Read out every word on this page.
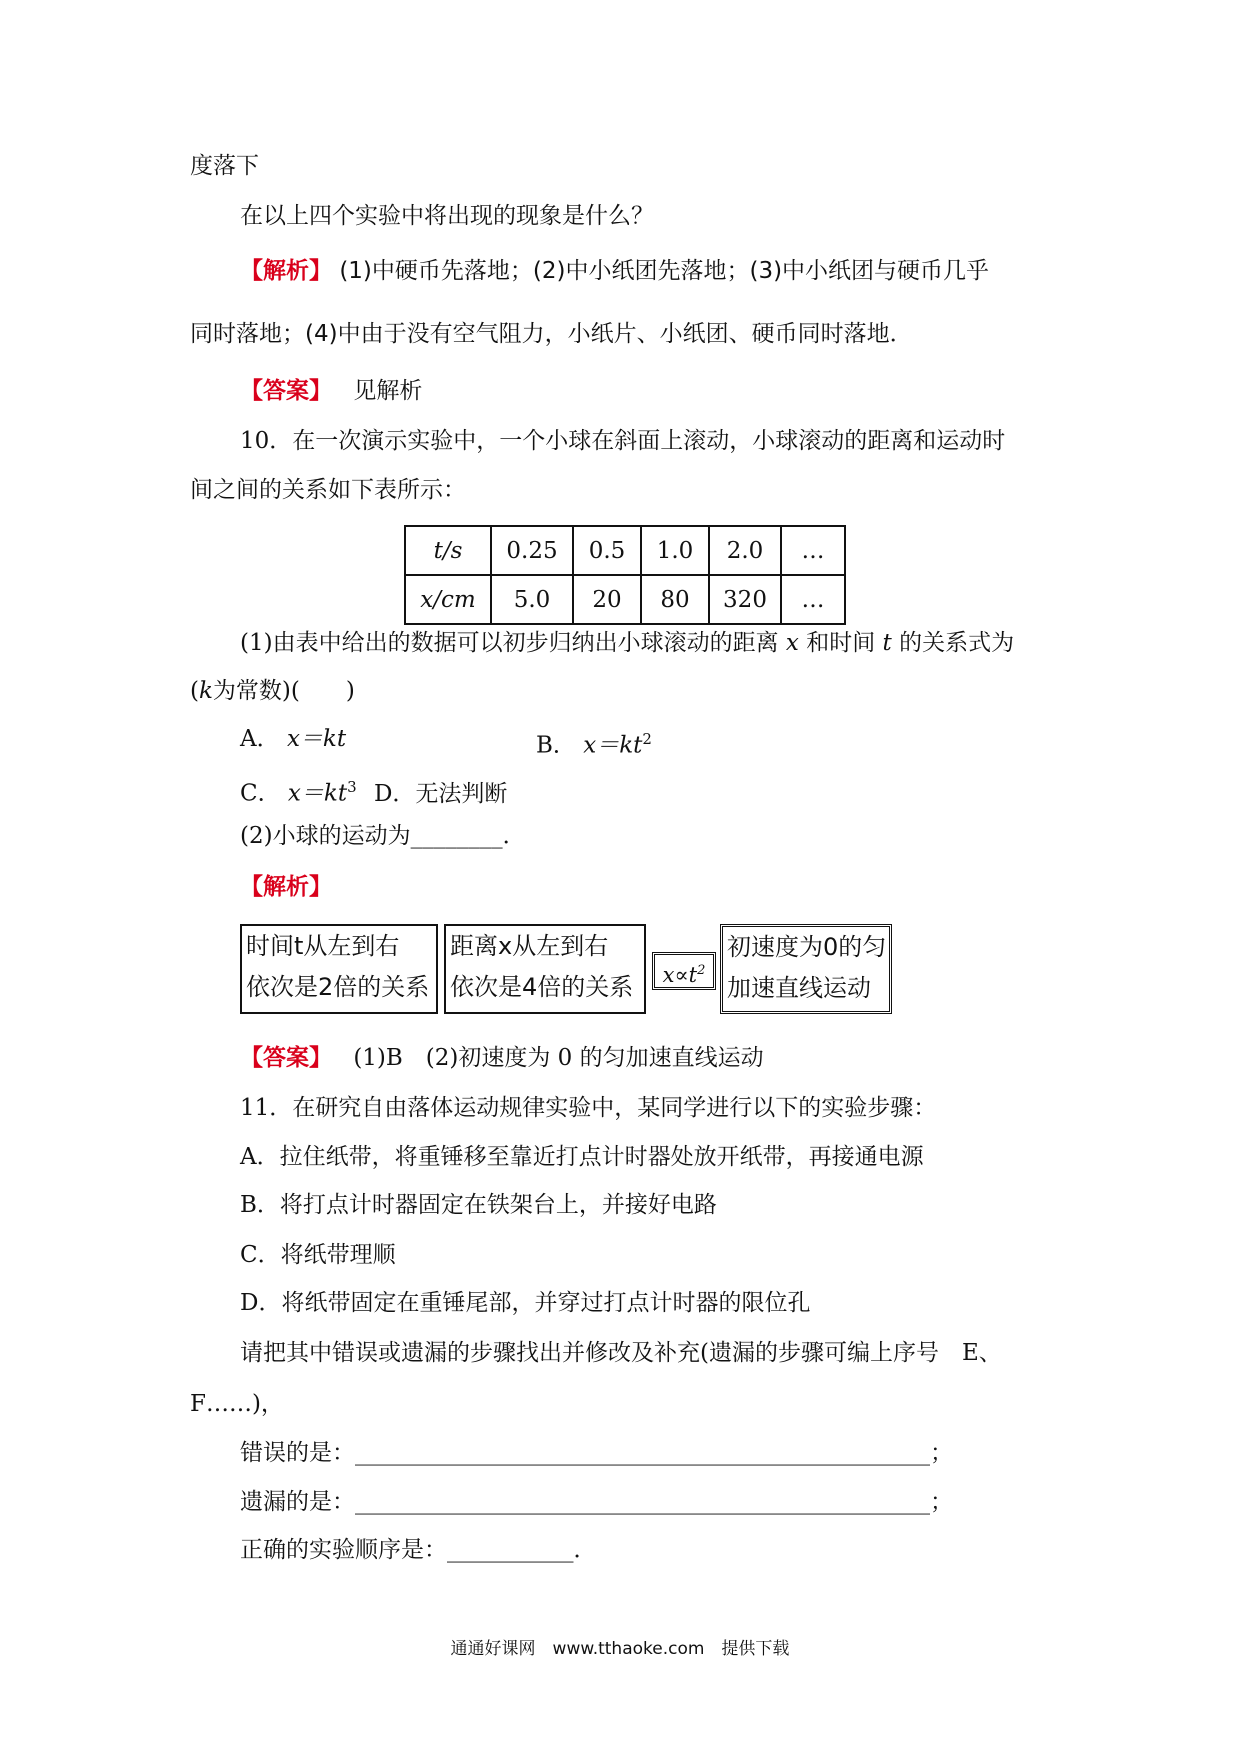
度落下
在以上四个实验中将出现的现象是什么？
【解析】 (1)中硬币先落地；(2)中小纸团先落地；(3)中小纸团与硬币几乎
同时落地；(4)中由于没有空气阻力，小纸片、小纸团、硬币同时落地．
【答案】 见解析
10．在一次演示实验中，一个小球在斜面上滚动，小球滚动的距离和运动时
间之间的关系如下表所示：
t/s	0.25	0.5	1.0	2.0	…
x/cm	5.0	20	80	320	…
(1)由表中给出的数据可以初步归纳出小球滚动的距离 x 和时间 t 的关系式为
(k为常数)(　　)
A． x＝kt	B． $x=kt^2$
C． $x=kt^3$ D．无法判断
(2)小球的运动为________．
【解析】
时间t从左到右
依次是2倍的关系
距离x从左到右
依次是4倍的关系	$x\propto t^2$
初速度为0的匀
加速直线运动
【答案】 (1)B　(2)初速度为 0 的匀加速直线运动
11．在研究自由落体运动规律实验中，某同学进行以下的实验步骤：
A．拉住纸带，将重锤移至靠近打点计时器处放开纸带，再接通电源
B．将打点计时器固定在铁架台上，并接好电路
C．将纸带理顺
D．将纸带固定在重锤尾部，并穿过打点计时器的限位孔
请把其中错误或遗漏的步骤找出并修改及补充(遗漏的步骤可编上序号　E、
F……)，
错误的是：__________________________________________________；
遗漏的是：__________________________________________________；
正确的实验顺序是：___________．
通通好课网　www.tthaoke.com　提供下载
